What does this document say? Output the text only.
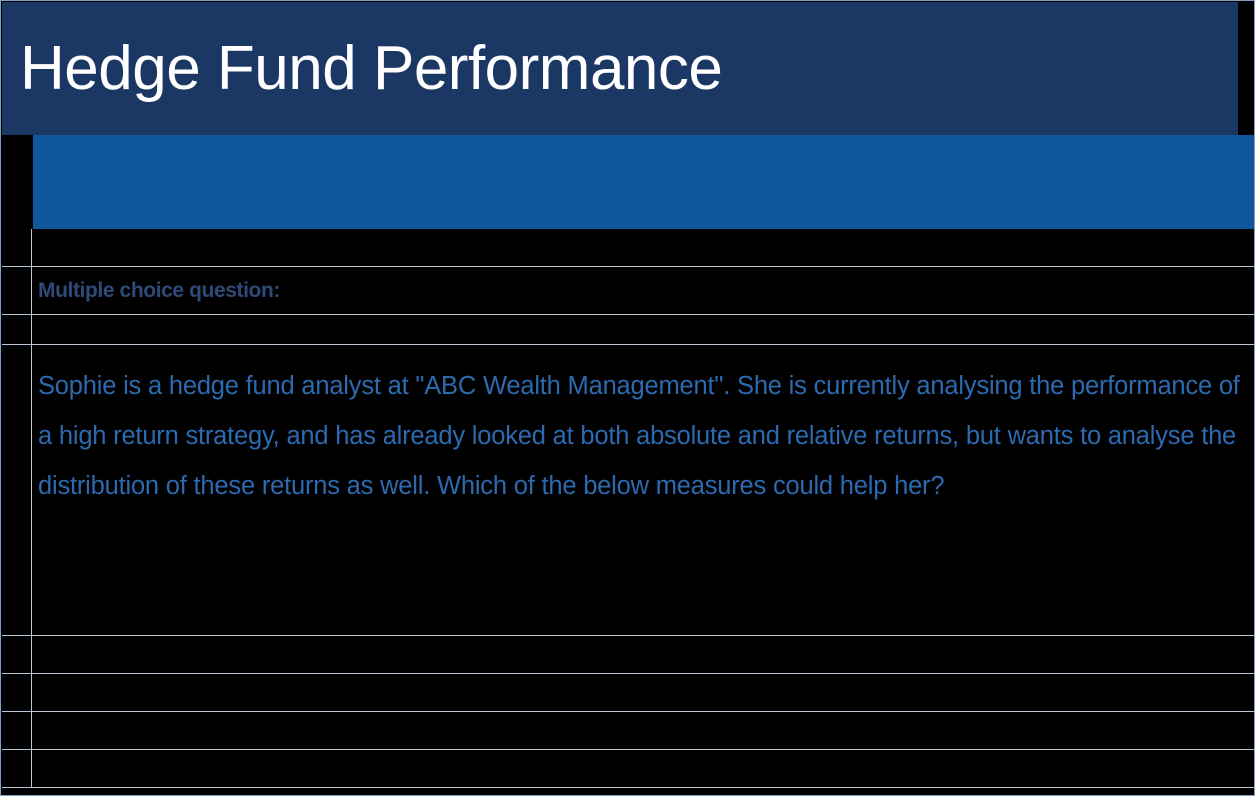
Hedge Fund Performance
Multiple choice question:
Sophie is a hedge fund analyst at "ABC Wealth Management". She is currently analysing the performance of a high return strategy, and has already looked at both absolute and relative returns, but wants to analyse the distribution of these returns as well. Which of the below measures could help her?
